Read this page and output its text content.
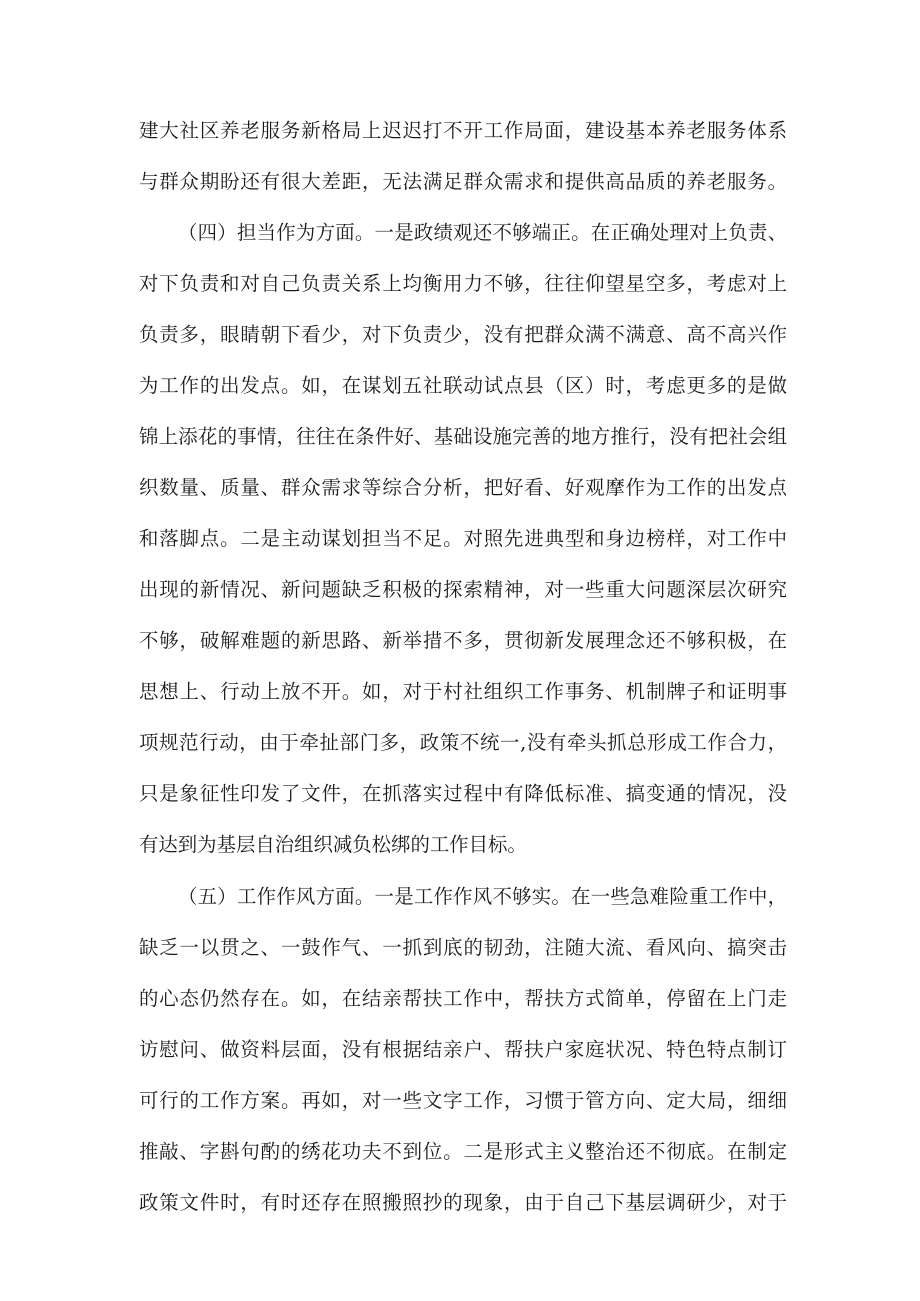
建大社区养老服务新格局上迟迟打不开工作局面，建设基本养老服务体系
与群众期盼还有很大差距，无法满足群众需求和提供高品质的养老服务。
（四）担当作为方面。一是政绩观还不够端正。在正确处理对上负责、
对下负责和对自己负责关系上均衡用力不够，往往仰望星空多，考虑对上
负责多，眼睛朝下看少，对下负责少，没有把群众满不满意、高不高兴作
为工作的出发点。如，在谋划五社联动试点县（区）时，考虑更多的是做
锦上添花的事情，往往在条件好、基础设施完善的地方推行，没有把社会组
织数量、质量、群众需求等综合分析，把好看、好观摩作为工作的出发点
和落脚点。二是主动谋划担当不足。对照先进典型和身边榜样，对工作中
出现的新情况、新问题缺乏积极的探索精神，对一些重大问题深层次研究
不够，破解难题的新思路、新举措不多，贯彻新发展理念还不够积极，在
思想上、行动上放不开。如，对于村社组织工作事务、机制牌子和证明事
项规范行动，由于牵扯部门多，政策不统一,没有牵头抓总形成工作合力，
只是象征性印发了文件，在抓落实过程中有降低标准、搞变通的情况，没
有达到为基层自治组织减负松绑的工作目标。
（五）工作作风方面。一是工作作风不够实。在一些急难险重工作中，
缺乏一以贯之、一鼓作气、一抓到底的韧劲，注随大流、看风向、搞突击
的心态仍然存在。如，在结亲帮扶工作中，帮扶方式简单，停留在上门走
访慰问、做资料层面，没有根据结亲户、帮扶户家庭状况、特色特点制订
可行的工作方案。再如，对一些文字工作，习惯于管方向、定大局，细细
推敲、字斟句酌的绣花功夫不到位。二是形式主义整治还不彻底。在制定
政策文件时，有时还存在照搬照抄的现象，由于自己下基层调研少，对于
